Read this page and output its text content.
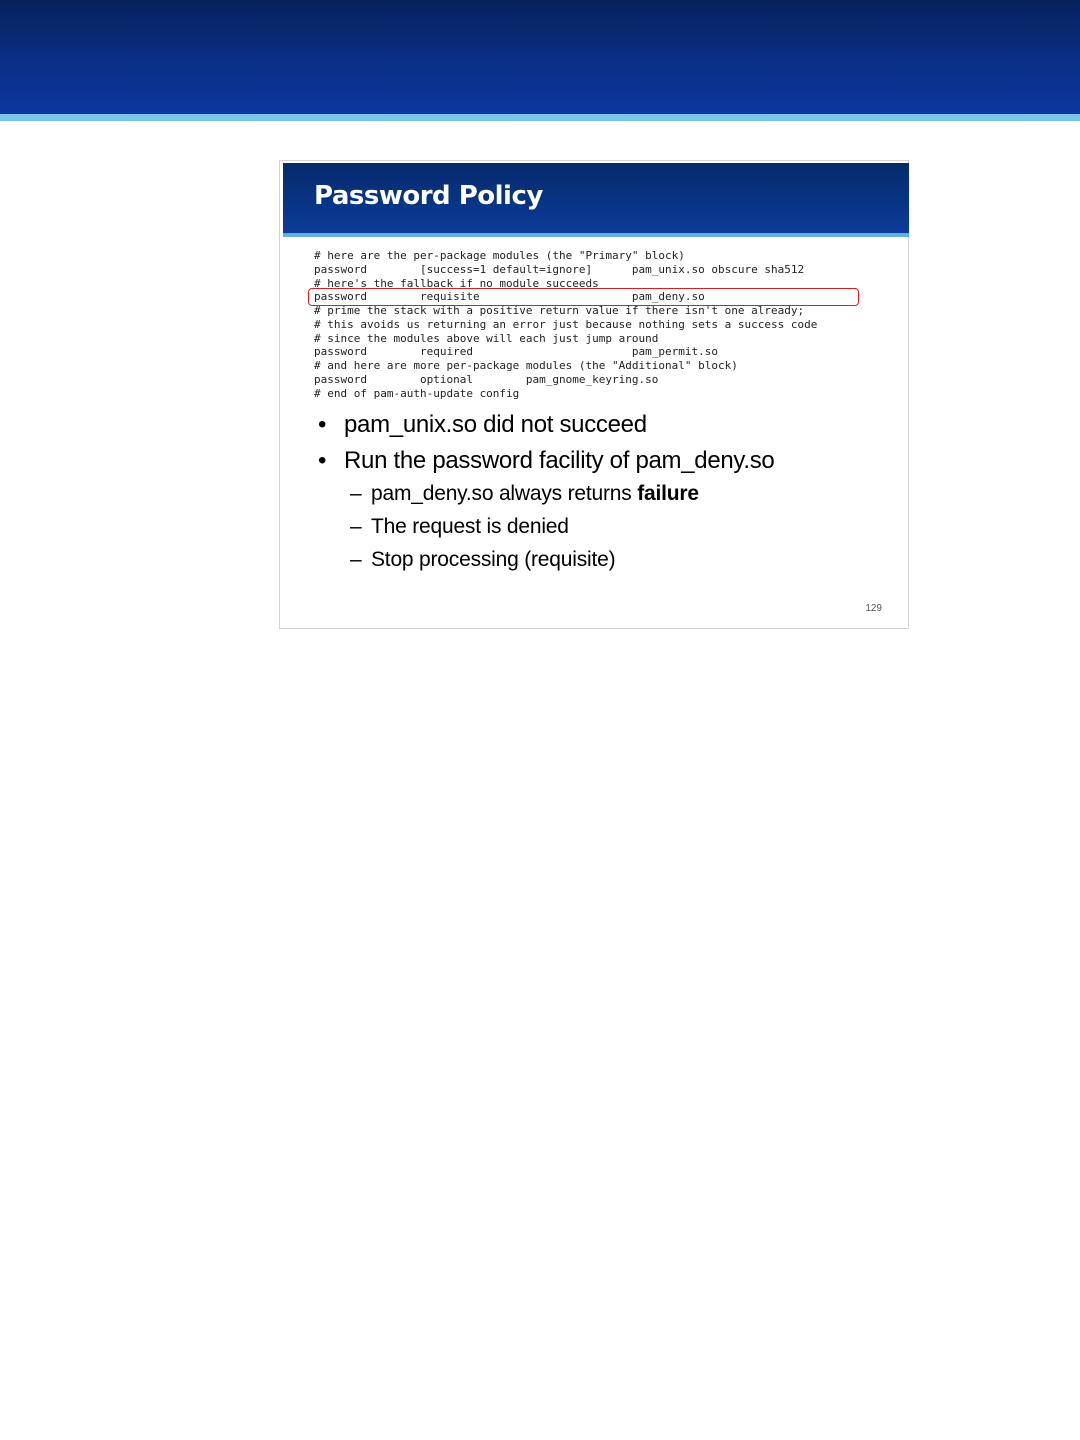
Password Policy
# here are the per-package modules (the "Primary" block)
password        [success=1 default=ignore]      pam_unix.so obscure sha512
# here's the fallback if no module succeeds
password        requisite                       pam_deny.so
# prime the stack with a positive return value if there isn't one already;
# this avoids us returning an error just because nothing sets a success code
# since the modules above will each just jump around
password        required                        pam_permit.so
# and here are more per-package modules (the "Additional" block)
password        optional        pam_gnome_keyring.so
# end of pam-auth-update config
• pam_unix.so did not succeed
• Run the password facility of pam_deny.so
– pam_deny.so always returns failure
– The request is denied
– Stop processing (requisite)
129
